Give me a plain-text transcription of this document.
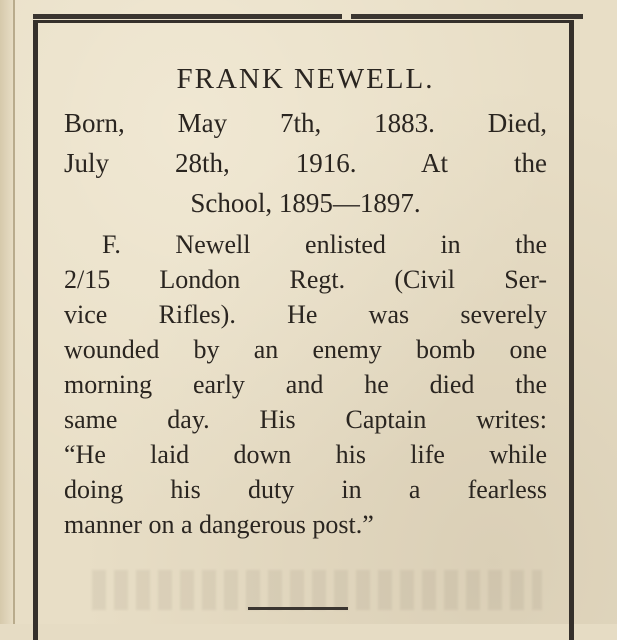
FRANK NEWELL.
Born, May 7th, 1883. Died,
July 28th, 1916. At the
School, 1895—1897.
F. Newell enlisted in the
2/15 London Regt. (Civil Ser-
vice Rifles). He was severely
wounded by an enemy bomb one
morning early and he died the
same day. His Captain writes:
“He laid down his life while
doing his duty in a fearless
manner on a dangerous post.”
